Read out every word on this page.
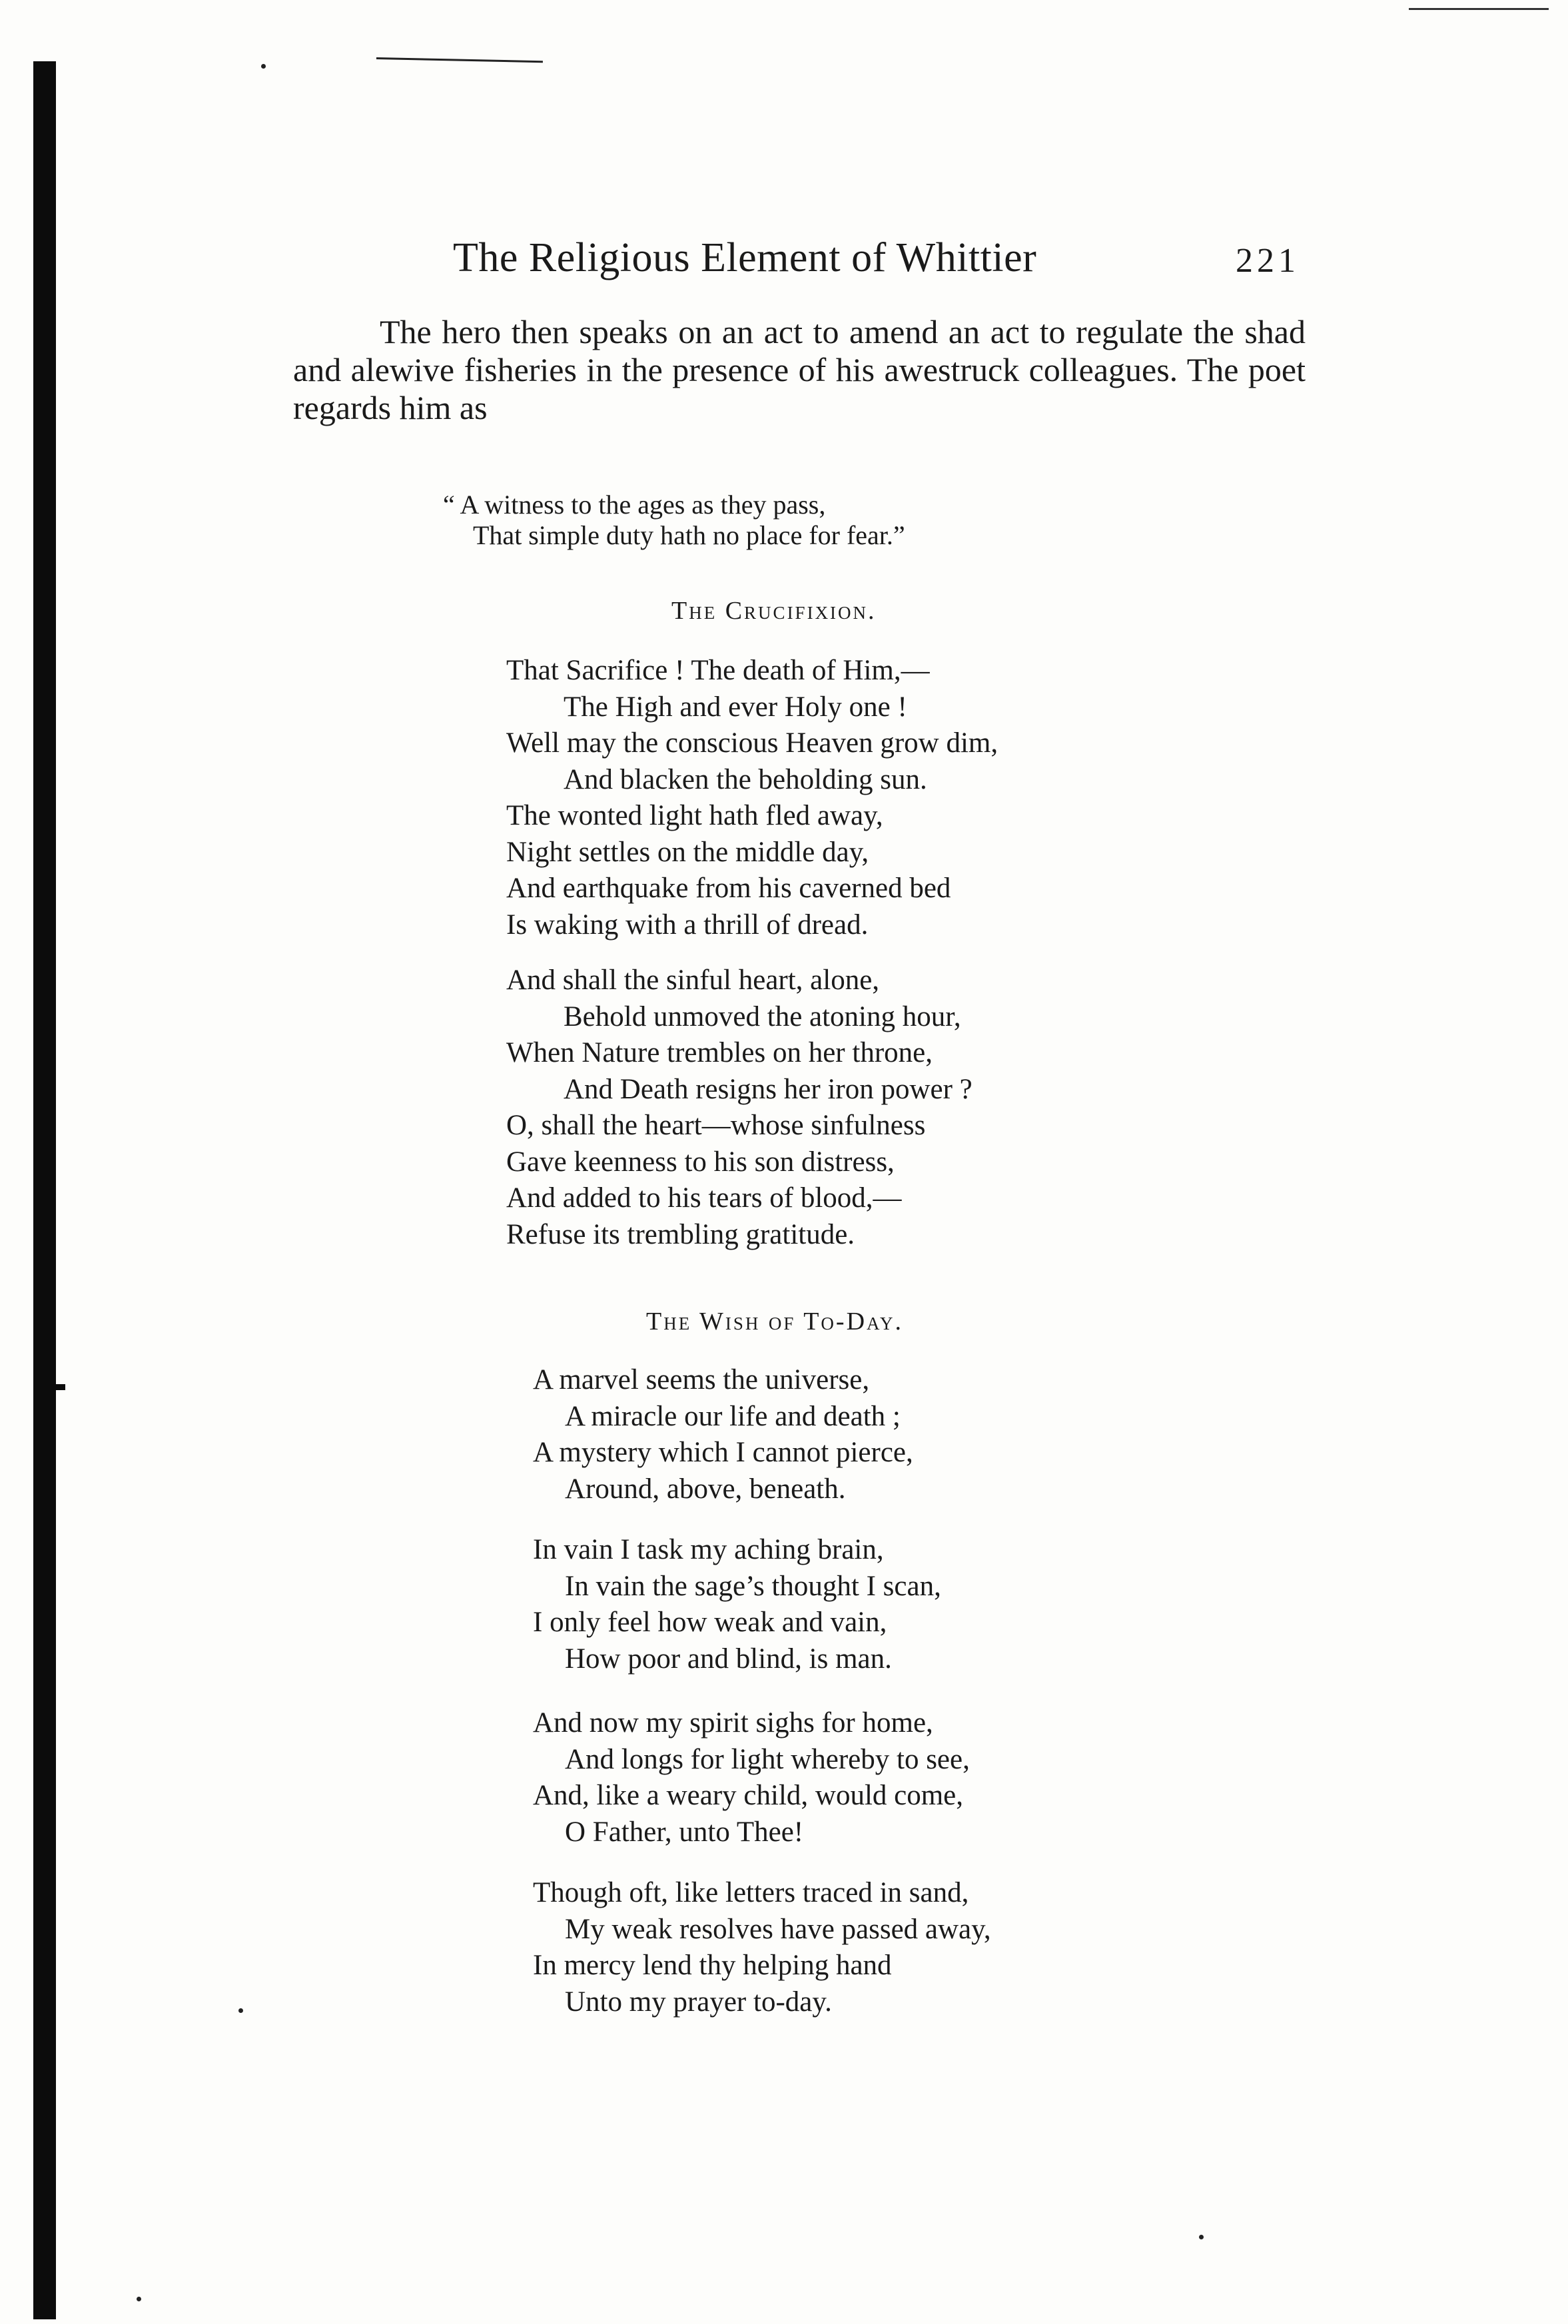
The Religious Element of Whittier	221

The hero then speaks on an act to amend an act to regulate the shad and alewive fisheries in the presence of his awestruck colleagues. The poet regards him as

“ A witness to the ages as they pass,
That simple duty hath no place for fear.”
The Crucifixion.
That Sacrifice ! The death of Him,—
The High and ever Holy one !
Well may the conscious Heaven grow dim,
And blacken the beholding sun.
The wonted light hath fled away,
Night settles on the middle day,
And earthquake from his caverned bed
Is waking with a thrill of dread.
And shall the sinful heart, alone,
Behold unmoved the atoning hour,
When Nature trembles on her throne,
And Death resigns her iron power ?
O, shall the heart—whose sinfulness
Gave keenness to his son distress,
And added to his tears of blood,—
Refuse its trembling gratitude.
The Wish of To-Day.
A marvel seems the universe,
A miracle our life and death ;
A mystery which I cannot pierce,
Around, above, beneath.
In vain I task my aching brain,
In vain the sage’s thought I scan,
I only feel how weak and vain,
How poor and blind, is man.
And now my spirit sighs for home,
And longs for light whereby to see,
And, like a weary child, would come,
O Father, unto Thee!
Though oft, like letters traced in sand,
My weak resolves have passed away,
In mercy lend thy helping hand
Unto my prayer to-day.
